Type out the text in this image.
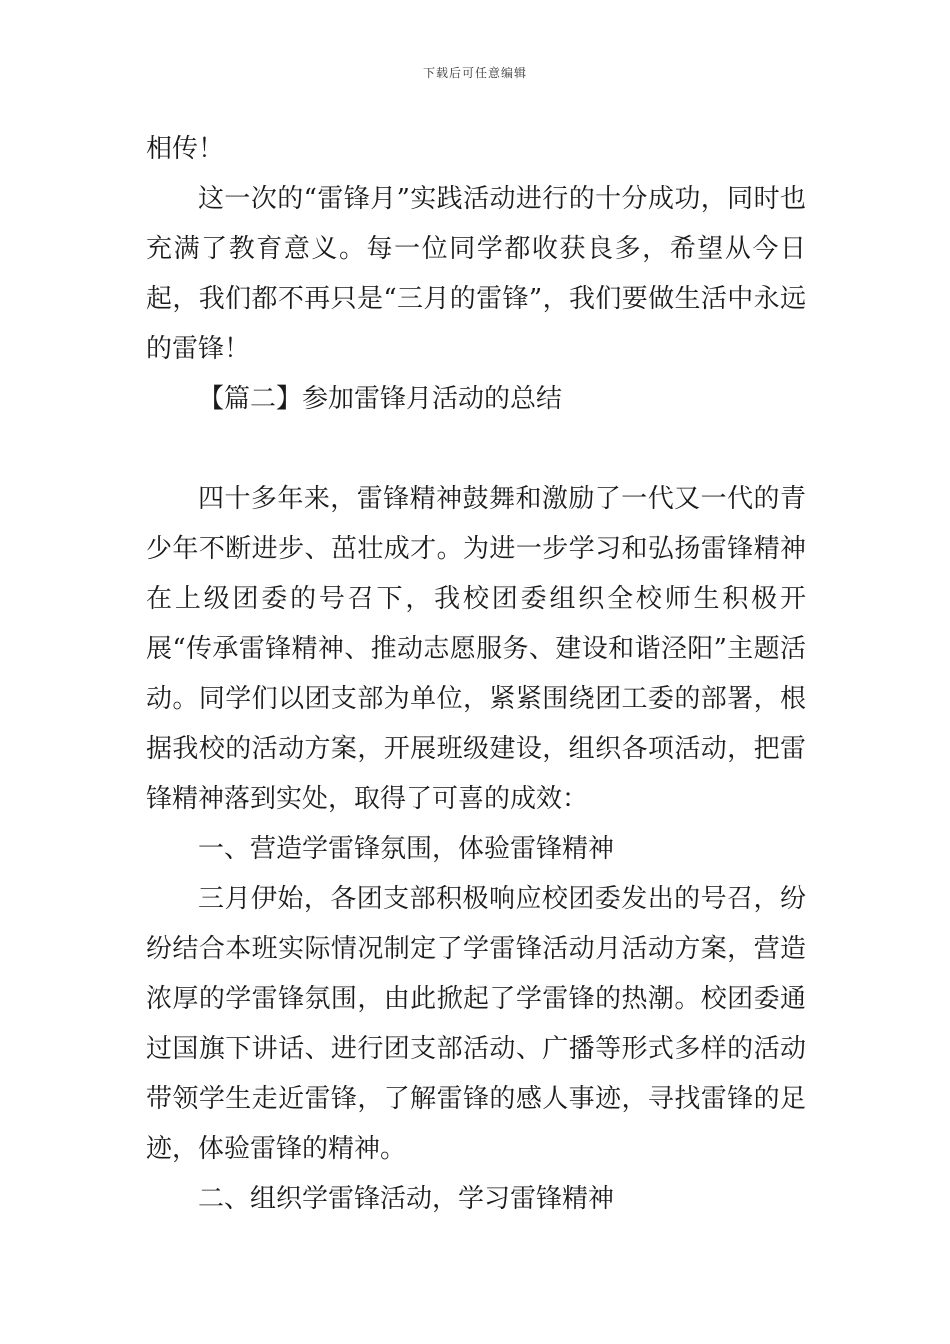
下载后可任意编辑

相传！

这一次的“雷锋月”实践活动进行的十分成功，同时也充满了教育意义。每一位同学都收获良多，希望从今日起，我们都不再只是“三月的雷锋”，我们要做生活中永远的雷锋！

【篇二】参加雷锋月活动的总结

四十多年来，雷锋精神鼓舞和激励了一代又一代的青少年不断进步、茁壮成才。为进一步学习和弘扬雷锋精神在上级团委的号召下，我校团委组织全校师生积极开展“传承雷锋精神、推动志愿服务、建设和谐泾阳”主题活动。同学们以团支部为单位，紧紧围绕团工委的部署，根据我校的活动方案，开展班级建设，组织各项活动，把雷锋精神落到实处，取得了可喜的成效：

一、营造学雷锋氛围，体验雷锋精神

三月伊始，各团支部积极响应校团委发出的号召，纷纷结合本班实际情况制定了学雷锋活动月活动方案，营造浓厚的学雷锋氛围，由此掀起了学雷锋的热潮。校团委通过国旗下讲话、进行团支部活动、广播等形式多样的活动带领学生走近雷锋，了解雷锋的感人事迹，寻找雷锋的足迹，体验雷锋的精神。

二、组织学雷锋活动，学习雷锋精神
